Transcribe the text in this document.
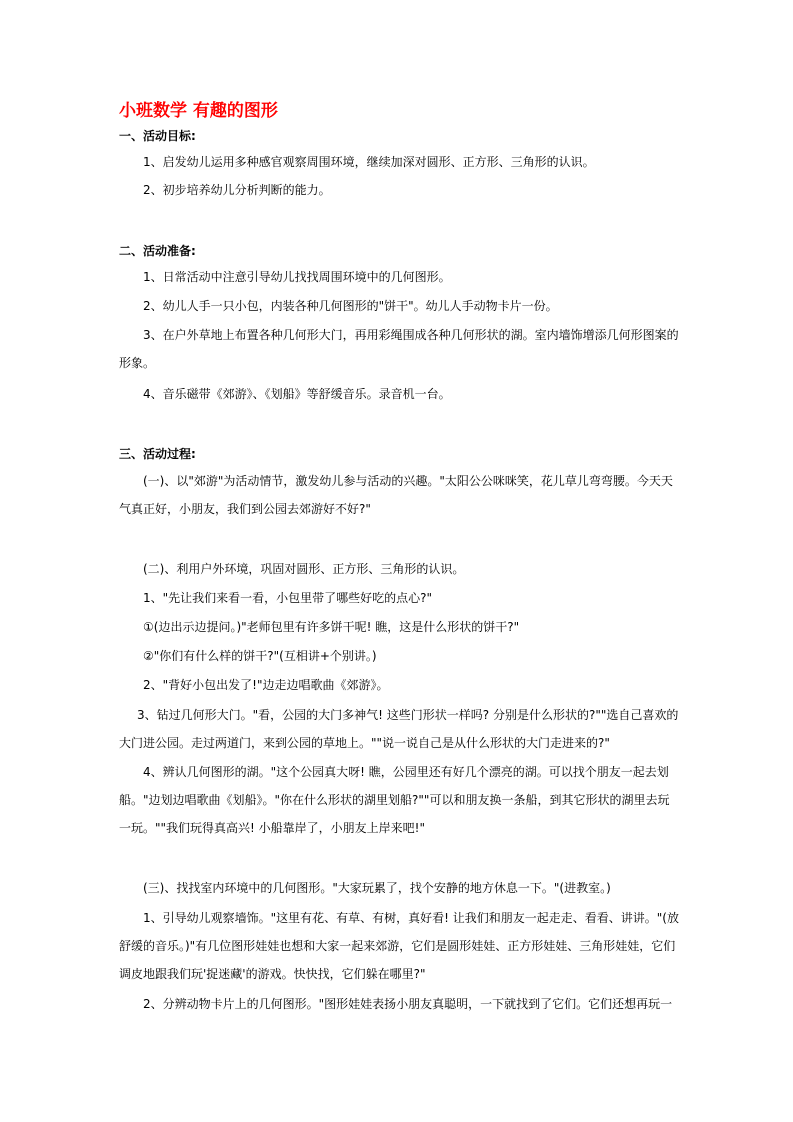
小班数学 有趣的图形
一、活动目标:
1、启发幼儿运用多种感官观察周围环境，继续加深对圆形、正方形、三角形的认识。
2、初步培养幼儿分析判断的能力。
二、活动准备:
1、日常活动中注意引导幼儿找找周围环境中的几何图形。
2、幼儿人手一只小包，内装各种几何图形的"饼干"。幼儿人手动物卡片一份。
3、在户外草地上布置各种几何形大门，再用彩绳围成各种几何形状的湖。室内墙饰增添几何形图案的形象。
4、音乐磁带《郊游》、《划船》等舒缓音乐。录音机一台。
三、活动过程:
(一)、以"郊游"为活动情节，激发幼儿参与活动的兴趣。"太阳公公咪咪笑，花儿草儿弯弯腰。今天天气真正好，小朋友，我们到公园去郊游好不好?"
(二)、利用户外环境，巩固对圆形、正方形、三角形的认识。
1、"先让我们来看一看，小包里带了哪些好吃的点心?"
①(边出示边提问。)"老师包里有许多饼干呢! 瞧，这是什么形状的饼干?"
②"你们有什么样的饼干?"(互相讲+个别讲。)
2、"背好小包出发了!"边走边唱歌曲《郊游》。
3、钻过几何形大门。"看，公园的大门多神气! 这些门形状一样吗? 分别是什么形状的?""选自己喜欢的大门进公园。走过两道门，来到公园的草地上。""说一说自己是从什么形状的大门走进来的?"
4、辨认几何图形的湖。"这个公园真大呀! 瞧，公园里还有好几个漂亮的湖。可以找个朋友一起去划船。"边划边唱歌曲《划船》。"你在什么形状的湖里划船?""可以和朋友换一条船，到其它形状的湖里去玩一玩。""我们玩得真高兴! 小船靠岸了，小朋友上岸来吧!"
(三)、找找室内环境中的几何图形。"大家玩累了，找个安静的地方休息一下。"(进教室。)
1、引导幼儿观察墙饰。"这里有花、有草、有树，真好看! 让我们和朋友一起走走、看看、讲讲。"(放舒缓的音乐。)"有几位图形娃娃也想和大家一起来郊游，它们是圆形娃娃、正方形娃娃、三角形娃娃，它们调皮地跟我们玩'捉迷藏'的游戏。快快找，它们躲在哪里?"
2、分辨动物卡片上的几何图形。"图形娃娃表扬小朋友真聪明，一下就找到了它们。它们还想再玩一
